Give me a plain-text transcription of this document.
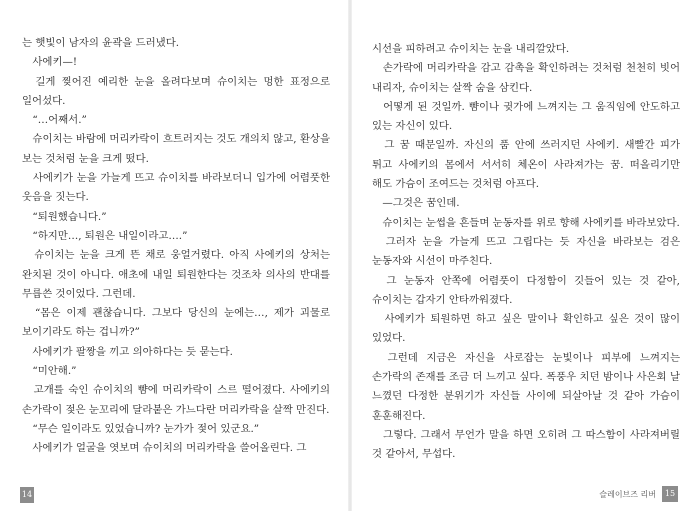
는 햇빛이 남자의 윤곽을 드러냈다.

　사에키—!

　길게 찢어진 예리한 눈을 올려다보며 슈이치는 멍한 표정으로 일어섰다.

　“…어째서.”

　슈이치는 바람에 머리카락이 흐트러지는 것도 개의치 않고, 환상을 보는 것처럼 눈을 크게 떴다.

　사에키가 눈을 가늘게 뜨고 슈이치를 바라보더니 입가에 어렴풋한 웃음을 짓는다.

　“퇴원했습니다.”

　“하지만…, 퇴원은 내일이라고….”

　슈이치는 눈을 크게 뜬 채로 웅얼거렸다. 아직 사에키의 상처는 완치된 것이 아니다. 애초에 내일 퇴원한다는 것조차 의사의 반대를 무릅쓴 것이었다. 그런데.

　“몸은 이제 괜찮습니다. 그보다 당신의 눈에는…, 제가 괴물로 보이기라도 하는 겁니까?”

　사에키가 팔짱을 끼고 의아하다는 듯 묻는다.

　“미안해.”

　고개를 숙인 슈이치의 뺨에 머리카락이 스르 떨어졌다. 사에키의 손가락이 젖은 눈꼬리에 달라붙은 가느다란 머리카락을 살짝 만진다.

　“무슨 일이라도 있었습니까? 눈가가 젖어 있군요.”

　사에키가 얼굴을 엿보며 슈이치의 머리카락을 쓸어올린다. 그

14

시선을 피하려고 슈이치는 눈을 내리깔았다.

　손가락에 머리카락을 감고 감촉을 확인하려는 것처럼 천천히 빗어 내리자, 슈이치는 살짝 숨을 삼킨다.

　어떻게 된 것일까. 뺨이나 귓가에 느껴지는 그 움직임에 안도하고 있는 자신이 있다.

　그 꿈 때문일까. 자신의 품 안에 쓰러지던 사에키. 새빨간 피가 튀고 사에키의 몸에서 서서히 체온이 사라져가는 꿈. 떠올리기만 해도 가슴이 조여드는 것처럼 아프다.

　—그것은 꿈인데.

　슈이치는 눈썹을 흔들며 눈동자를 위로 향해 사에키를 바라보았다.

　그러자 눈을 가늘게 뜨고 그립다는 듯 자신을 바라보는 검은 눈동자와 시선이 마주친다.

　그 눈동자 안쪽에 어렴풋이 다정함이 깃들어 있는 것 같아, 슈이치는 갑자기 안타까워졌다.

　사에키가 퇴원하면 하고 싶은 말이나 확인하고 싶은 것이 많이 있었다.

　그런데 지금은 자신을 사로잡는 눈빛이나 피부에 느껴지는 손가락의 존재를 조금 더 느끼고 싶다. 폭풍우 치던 밤이나 사은회 날 느꼈던 다정한 분위기가 자신들 사이에 되살아날 것 같아 가슴이 훈훈해진다.

　그렇다. 그래서 무언가 말을 하면 오히려 그 따스함이 사라져버릴 것 같아서, 무섭다.

슬레이브즈 리버	15
